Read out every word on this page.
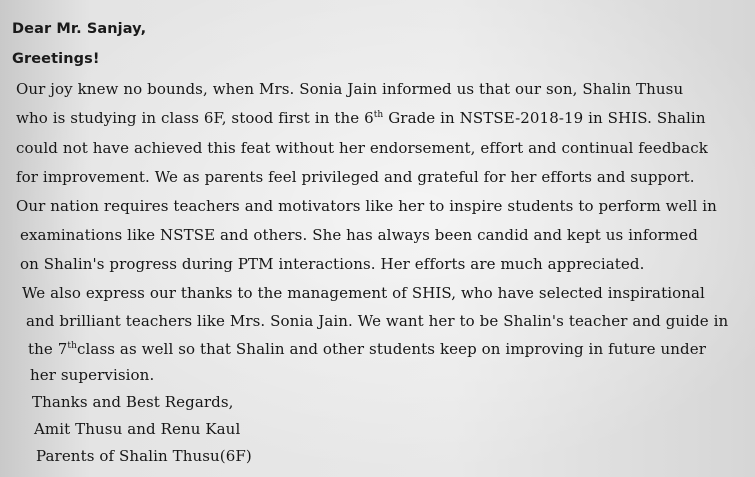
Dear Mr. Sanjay,
Greetings!
Our joy knew no bounds, when Mrs. Sonia Jain informed us that our son, Shalin Thusu
who is studying in class 6F, stood first in the 6th Grade in NSTSE-2018-19 in SHIS. Shalin
could not have achieved this feat without her endorsement, effort and continual feedback
for improvement. We as parents feel privileged and grateful for her efforts and support.
Our nation requires teachers and motivators like her to inspire students to perform well in
examinations like NSTSE and others. She has always been candid and kept us informed
on Shalin's progress during PTM interactions. Her efforts are much appreciated.
We also express our thanks to the management of SHIS, who have selected inspirational
and brilliant teachers like Mrs. Sonia Jain. We want her to be Shalin's teacher and guide in
the 7thclass as well so that Shalin and other students keep on improving in future under
her supervision.
Thanks and Best Regards,
Amit Thusu and Renu Kaul
Parents of Shalin Thusu(6F)
